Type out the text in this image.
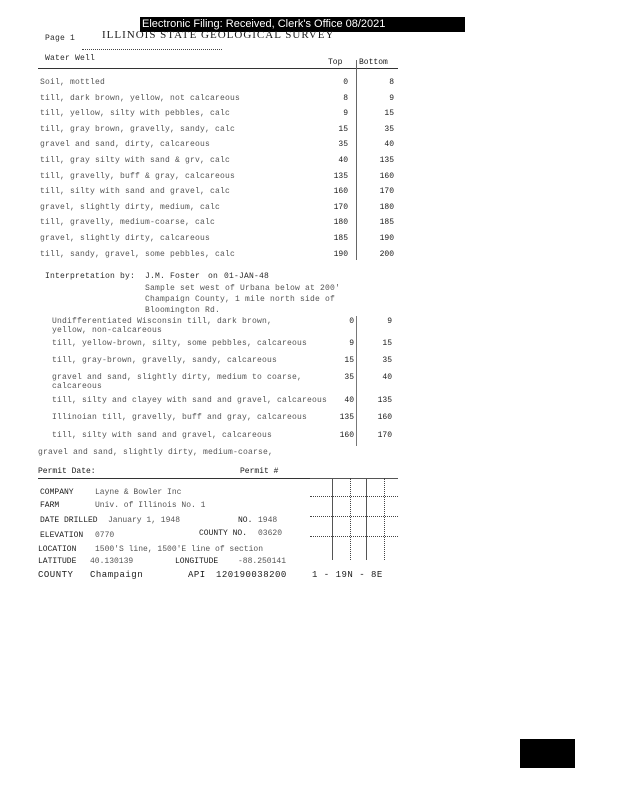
Electronic Filing: Received, Clerk's Office 08/2021
Page 1 ILLINOIS STATE GEOLOGICAL SURVEY
Water Well	Top Bottom
Soil, mottled	0	8
till, dark brown, yellow, not calcareous	8	9
till, yellow, silty with pebbles, calc	9	15
till, gray brown, gravelly, sandy, calc	15	35
gravel and sand, dirty, calcareous	35	40
till, gray silty with sand & grv, calc	40	135
till, gravelly, buff & gray, calcareous	135	160
till, silty with sand and gravel, calc	160	170
gravel, slightly dirty, medium, calc	170	180
till, gravelly, medium-coarse, calc	180	185
gravel, slightly dirty, calcareous	185	190
till, sandy, gravel, some pebbles, calc	190	200
Interpretation by: J.M. Foster on 01-JAN-48
Sample set west of Urbana below at 200'
Champaign County, 1 mile north side of
Bloomington Rd.
Undifferentiated Wisconsin till, dark brown,
yellow, non-calcareous
0	9
till, yellow-brown, silty, some pebbles, calcareous	9	15
till, gray-brown, gravelly, sandy, calcareous	15	35
gravel and sand, slightly dirty, medium to coarse,
calcareous
35	40
till, silty and clayey with sand and gravel, calcareous	40	135
Illinoian till, gravelly, buff and gray, calcareous	135	160
till, silty with sand and gravel, calcareous	160	170
gravel and sand, slightly dirty, medium-coarse,
Permit Date:	Permit #
COMPANY	Layne & Bowler Inc
FARM	Univ. of Illinois No. 1
DATE DRILLED January 1, 1948	NO. 1948
ELEVATION 0770	COUNTY NO. 03620
LOCATION 1500'S line, 1500'E line of section
LATITUDE 40.130139	LONGITUDE -88.250141
COUNTY Champaign	API 120190038200	1 - 19N - 8E
